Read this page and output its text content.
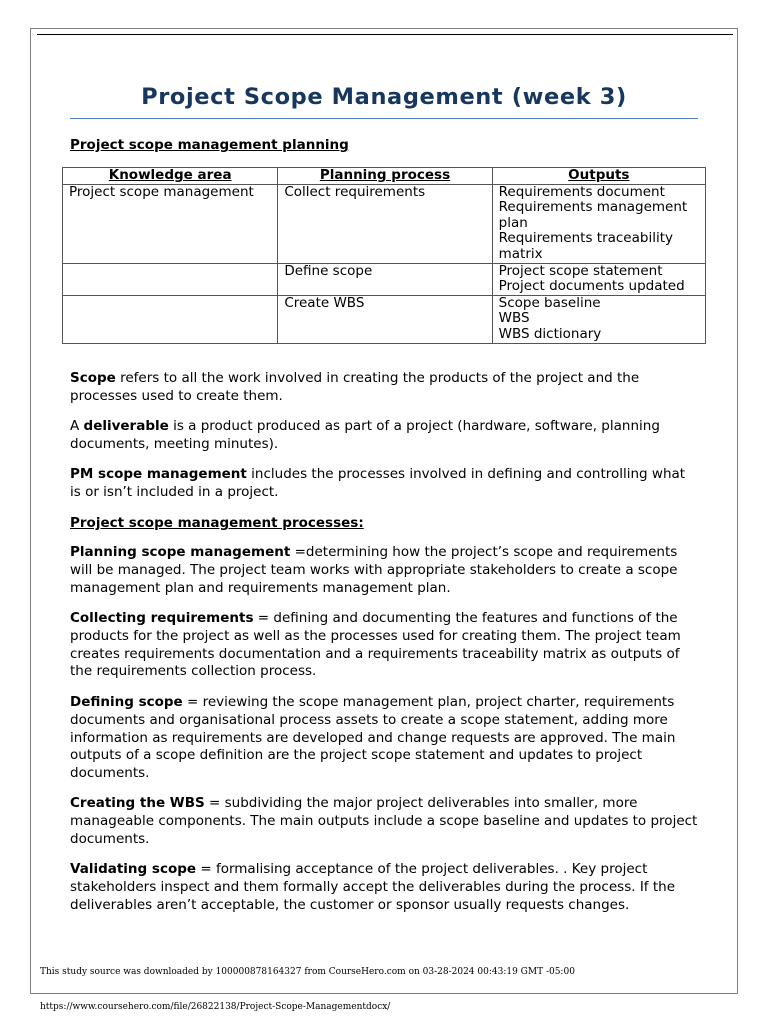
Project Scope Management (week 3)

Project scope management planning

Knowledge area	Planning process	Outputs
Project scope management	Collect requirements	Requirements document
Requirements management plan
Requirements traceability matrix

	Define scope	Project scope statement
Project documents updated

	Create WBS	Scope baseline
WBS
WBS dictionary

Scope refers to all the work involved in creating the products of the project and the processes used to create them.

A deliverable is a product produced as part of a project (hardware, software, planning documents, meeting minutes).

PM scope management includes the processes involved in defining and controlling what is or isn’t included in a project.

Project scope management processes:

Planning scope management =determining how the project’s scope and requirements will be managed. The project team works with appropriate stakeholders to create a scope management plan and requirements management plan.

Collecting requirements = defining and documenting the features and functions of the products for the project as well as the processes used for creating them. The project team creates requirements documentation and a requirements traceability matrix as outputs of the requirements collection process.

Defining scope = reviewing the scope management plan, project charter, requirements documents and organisational process assets to create a scope statement, adding more information as requirements are developed and change requests are approved. The main outputs of a scope definition are the project scope statement and updates to project documents.

Creating the WBS = subdividing the major project deliverables into smaller, more manageable components. The main outputs include a scope baseline and updates to project documents.

Validating scope = formalising acceptance of the project deliverables. . Key project stakeholders inspect and them formally accept the deliverables during the process. If the deliverables aren’t acceptable, the customer or sponsor usually requests changes.

This study source was downloaded by 100000878164327 from CourseHero.com on 03-28-2024 00:43:19 GMT -05:00
https://www.coursehero.com/file/26822138/Project-Scope-Managementdocx/
